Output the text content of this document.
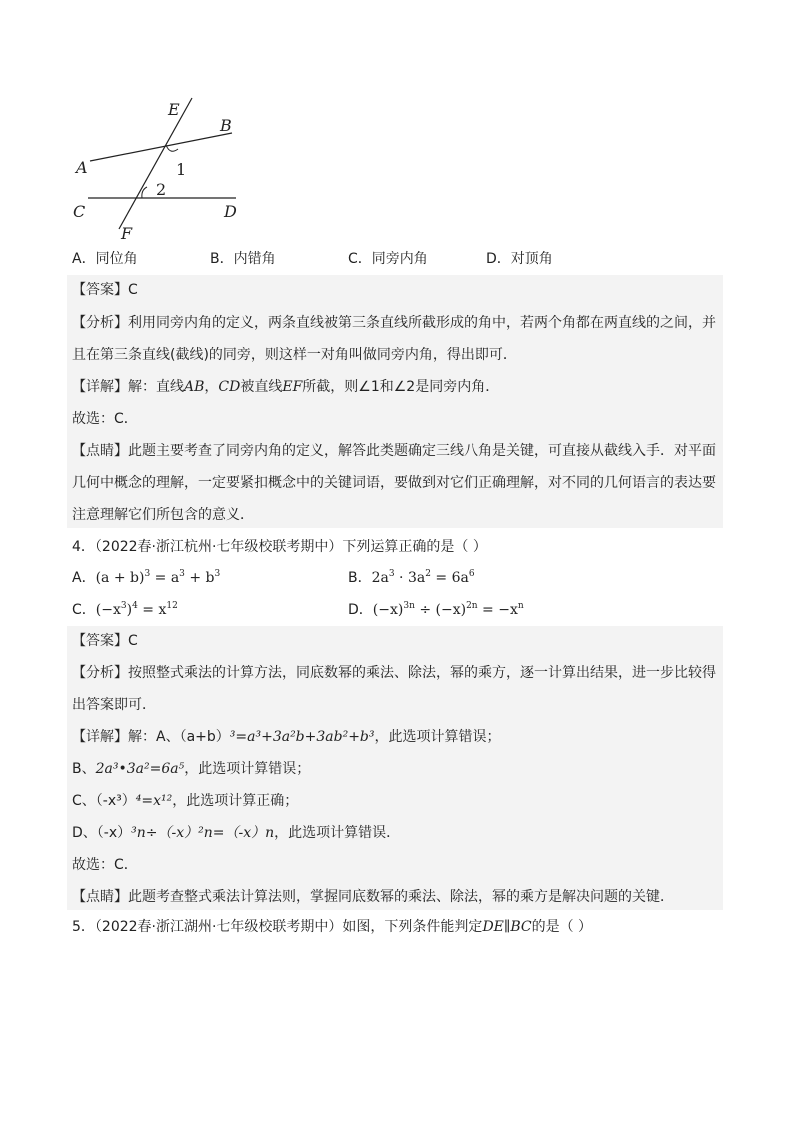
E
B
A	1
2
C	D
F
A．同位角	B．内错角	C．同旁内角	D．对顶角
【答案】C
【分析】利用同旁内角的定义，两条直线被第三条直线所截形成的角中，若两个角都在两直线的之间，并
且在第三条直线(截线)的同旁，则这样一对角叫做同旁内角，得出即可．
【详解】解：直线AB，CD被直线EF所截，则∠1和∠2是同旁内角．
故选：C．
【点睛】此题主要考查了同旁内角的定义，解答此类题确定三线八角是关键，可直接从截线入手．对平面
几何中概念的理解，一定要紧扣概念中的关键词语，要做到对它们正确理解，对不同的几何语言的表达要
注意理解它们所包含的意义．
4．（2022春·浙江杭州·七年级校联考期中）下列运算正确的是（ ）
A．$(a + b)^3 = a^3 + b^3$	B．$2a^3 \cdot 3a^2 = 6a^6$
C．$(-x^3)^4 = x^{12}$	D．$(-x)^{3n} \div (-x)^{2n} = -x^n$
【答案】C
【分析】按照整式乘法的计算方法，同底数幂的乘法、除法，幂的乘方，逐一计算出结果，进一步比较得
出答案即可．
【详解】解：A、（a+b）³=a³+3a²b+3ab²+b³，此选项计算错误；
B、2a³•3a²=6a⁵，此选项计算错误；
C、（-x³）⁴=x¹²，此选项计算正确；
D、（-x）³n÷（-x）²n=（-x）n，此选项计算错误．
故选：C．
【点睛】此题考查整式乘法计算法则，掌握同底数幂的乘法、除法，幂的乘方是解决问题的关键．
5．（2022春·浙江湖州·七年级校联考期中）如图，下列条件能判定DE∥BC的是（ ）
